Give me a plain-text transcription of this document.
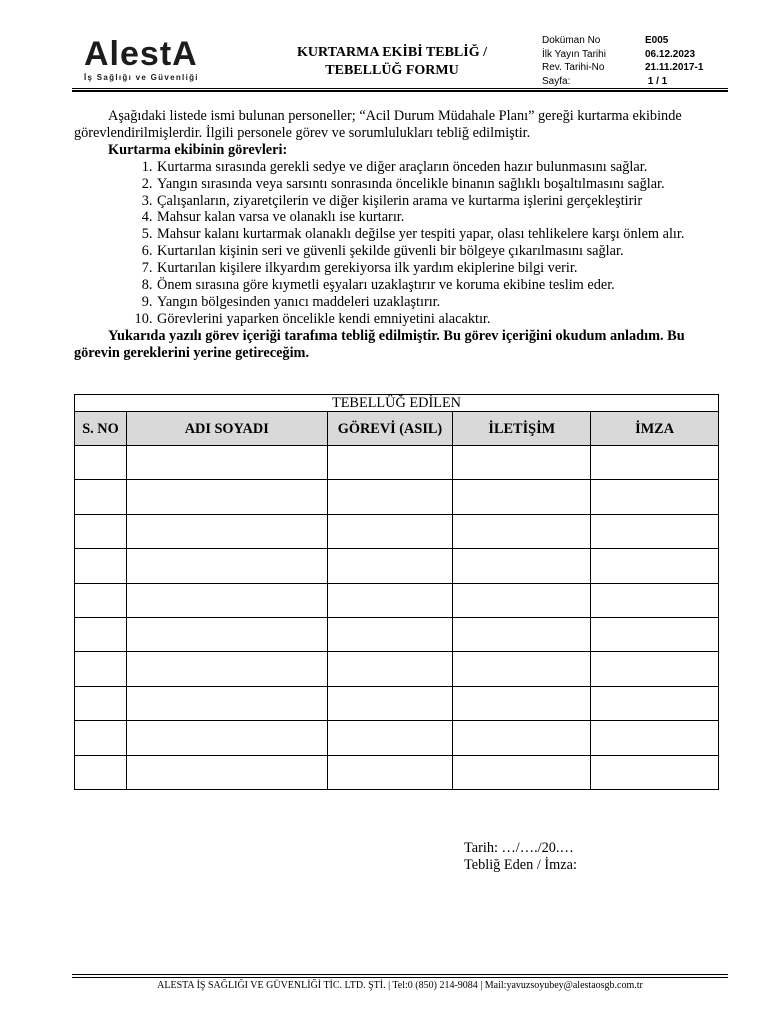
AlestA
İş Sağlığı ve Güvenliği
KURTARMA EKİBİ TEBLİĞ /
TEBELLÜĞ FORMU
Doküman No	E005
İlk Yayın Tarihi	06.12.2023
Rev. Tarihi-No	21.11.2017-1
Sayfa:	1 / 1

Aşağıdaki listede ismi bulunan personeller; “Acil Durum Müdahale Planı” gereği kurtarma ekibinde görevlendirilmişlerdir. İlgili personele görev ve sorumlulukları tebliğ edilmiştir.

Kurtarma ekibinin görevleri:

1. Kurtarma sırasında gerekli sedye ve diğer araçların önceden hazır bulunmasını sağlar.
2. Yangın sırasında veya sarsıntı sonrasında öncelikle binanın sağlıklı boşaltılmasını sağlar.
3. Çalışanların, ziyaretçilerin ve diğer kişilerin arama ve kurtarma işlerini gerçekleştirir
4. Mahsur kalan varsa ve olanaklı ise kurtarır.
5. Mahsur kalanı kurtarmak olanaklı değilse yer tespiti yapar, olası tehlikelere karşı önlem alır.
6. Kurtarılan kişinin seri ve güvenli şekilde güvenli bir bölgeye çıkarılmasını sağlar.
7. Kurtarılan kişilere ilkyardım gerekiyorsa ilk yardım ekiplerine bilgi verir.
8. Önem sırasına göre kıymetli eşyaları uzaklaştırır ve koruma ekibine teslim eder.
9. Yangın bölgesinden yanıcı maddeleri uzaklaştırır.
10. Görevlerini yaparken öncelikle kendi emniyetini alacaktır.

Yukarıda yazılı görev içeriği tarafıma tebliğ edilmiştir. Bu görev içeriğini okudum anladım. Bu görevin gereklerini yerine getireceğim.

TEBELLÜĞ EDİLEN				
S. NO	ADI SOYADI	GÖREVİ (ASIL)	İLETİŞİM	İMZA

Tarih: …/…./20.…
Tebliğ Eden / İmza:
ALESTA İŞ SAĞLIĞI VE GÜVENLİĞİ TİC. LTD. ŞTİ. | Tel:0 (850) 214-9084 | Mail:yavuzsoyubey@alestaosgb.com.tr
